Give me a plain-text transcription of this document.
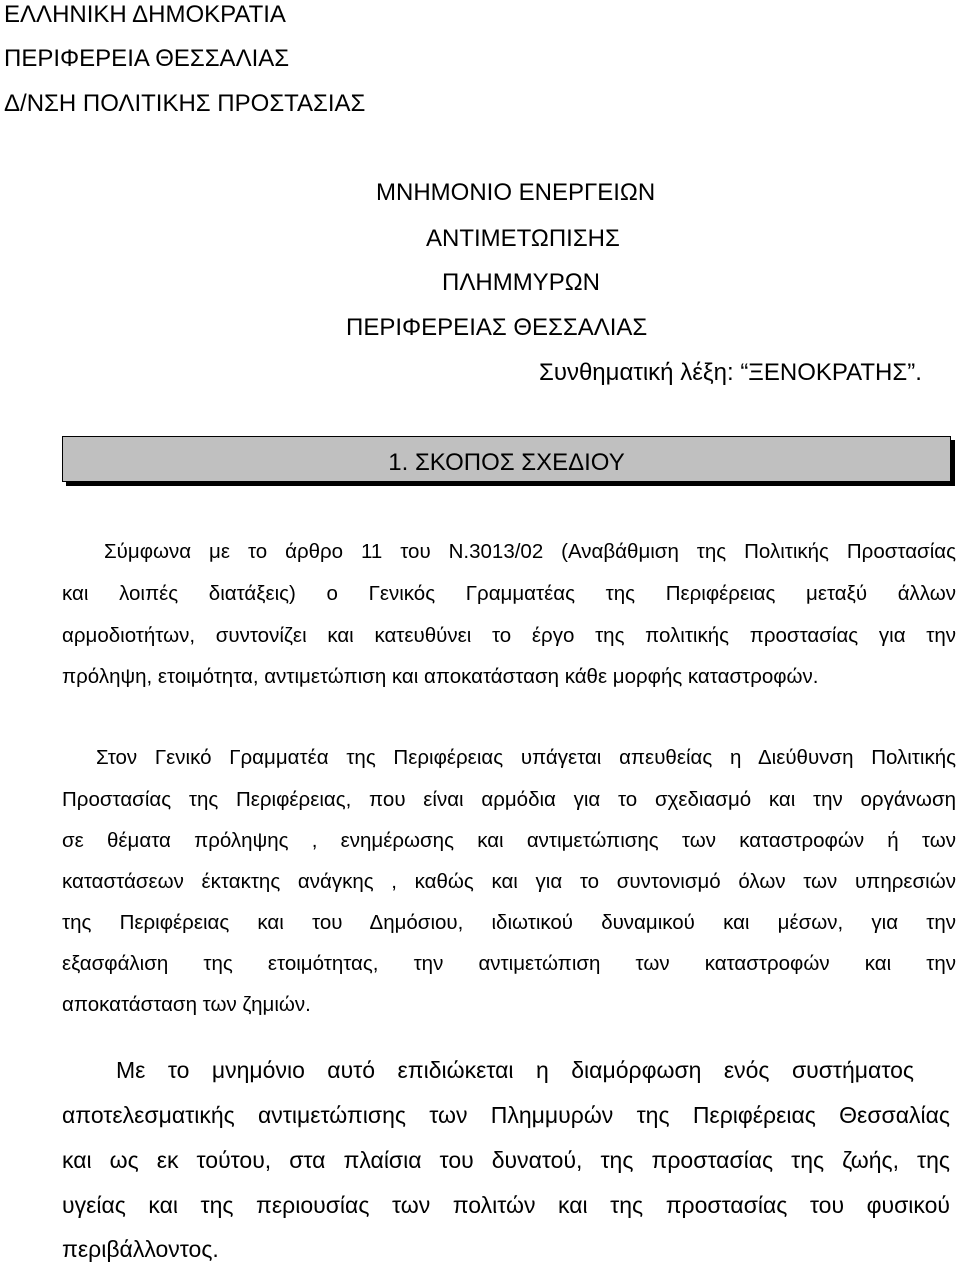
ΕΛΛΗΝΙΚΗ ΔΗΜΟΚΡΑΤΙΑ
ΠΕΡΙΦΕΡΕΙΑ ΘΕΣΣΑΛΙΑΣ
Δ/ΝΣΗ ΠΟΛΙΤΙΚΗΣ ΠΡΟΣΤΑΣΙΑΣ
ΜΝΗΜΟΝΙΟ ΕΝΕΡΓΕΙΩΝ
ΑΝΤΙΜΕΤΩΠΙΣΗΣ
ΠΛΗΜΜΥΡΩΝ
ΠΕΡΙΦΕΡΕΙΑΣ ΘΕΣΣΑΛΙΑΣ
Συνθηματική λέξη: “ΞΕΝΟΚΡΑΤΗΣ”.
1. ΣΚΟΠΟΣ ΣΧΕΔΙΟΥ
Σύμφωνα με το άρθρο 11 του Ν.3013/02 (Αναβάθμιση της Πολιτικής Προστασίας
και λοιπές διατάξεις) ο Γενικός Γραμματέας της Περιφέρειας μεταξύ άλλων
αρμοδιοτήτων, συντονίζει και κατευθύνει το έργο της πολιτικής προστασίας για την
πρόληψη, ετοιμότητα, αντιμετώπιση και αποκατάσταση κάθε μορφής καταστροφών.
Στον Γενικό Γραμματέα της Περιφέρειας υπάγεται απευθείας η Διεύθυνση Πολιτικής
Προστασίας της Περιφέρειας, που είναι αρμόδια για το σχεδιασμό και την οργάνωση
σε θέματα πρόληψης , ενημέρωσης και αντιμετώπισης των καταστροφών ή των
καταστάσεων έκτακτης ανάγκης , καθώς και για το συντονισμό όλων των υπηρεσιών
της Περιφέρειας και του Δημόσιου, ιδιωτικού δυναμικού και μέσων, για την
εξασφάλιση της ετοιμότητας, την αντιμετώπιση των καταστροφών και την
αποκατάσταση των ζημιών.
Με το μνημόνιο αυτό επιδιώκεται η διαμόρφωση ενός συστήματος
αποτελεσματικής αντιμετώπισης των Πλημμυρών της Περιφέρειας Θεσσαλίας
και ως εκ τούτου, στα πλαίσια του δυνατού, της προστασίας της ζωής, της
υγείας και της περιουσίας των πολιτών και της προστασίας του φυσικού
περιβάλλοντος.
